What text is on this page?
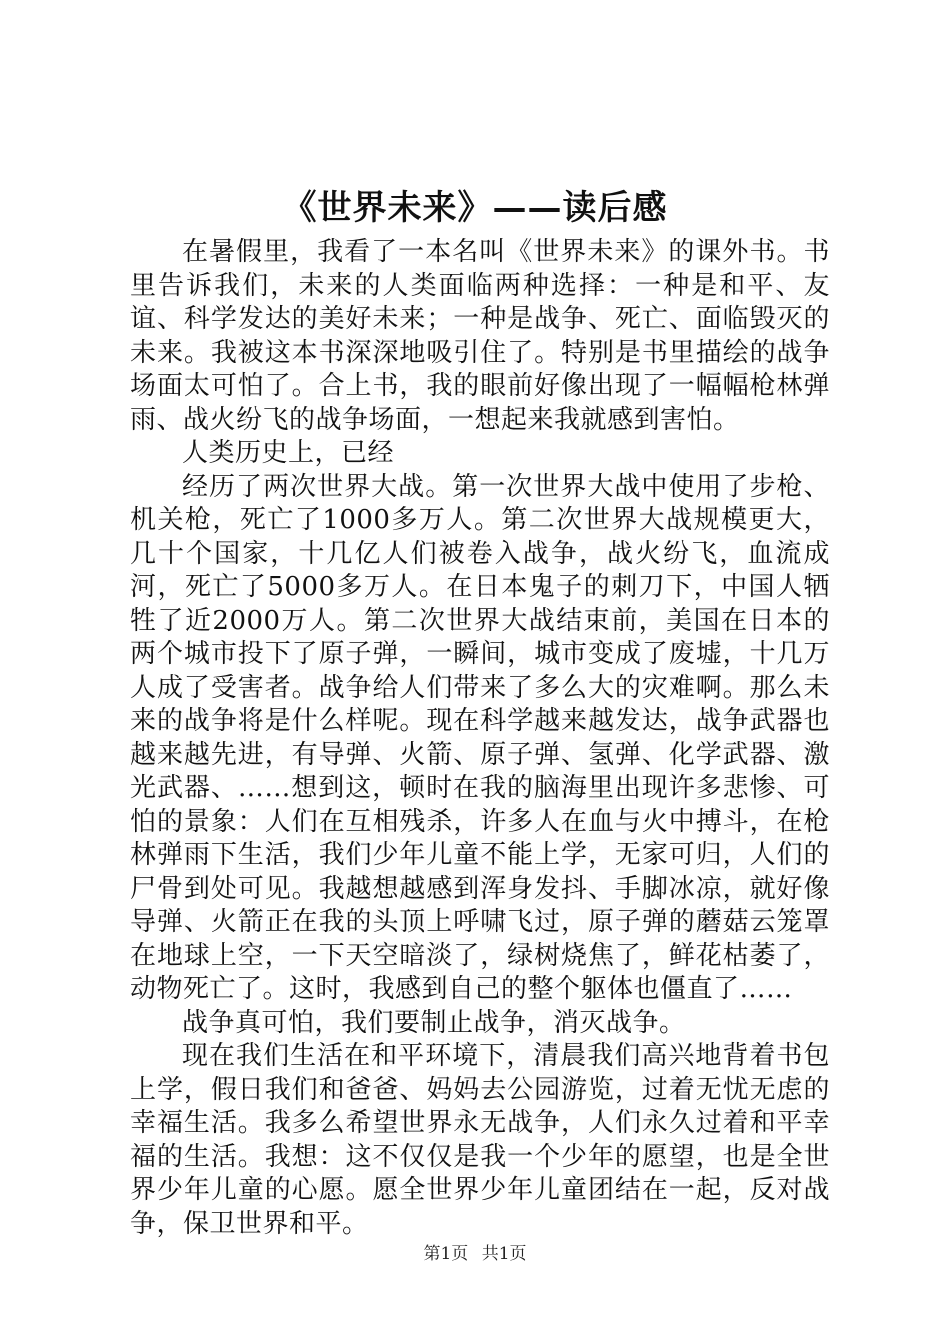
《世界未来》——读后感

在暑假里，我看了一本名叫《世界未来》的课外书。书里告诉我们，未来的人类面临两种选择：一种是和平、友谊、科学发达的美好未来；一种是战争、死亡、面临毁灭的未来。我被这本书深深地吸引住了。特别是书里描绘的战争场面太可怕了。合上书，我的眼前好像出现了一幅幅枪林弹雨、战火纷飞的战争场面，一想起来我就感到害怕。

人类历史上，已经

经历了两次世界大战。第一次世界大战中使用了步枪、机关枪，死亡了1000多万人。第二次世界大战规模更大，几十个国家，十几亿人们被卷入战争，战火纷飞，血流成河，死亡了5000多万人。在日本鬼子的刺刀下，中国人牺牲了近2000万人。第二次世界大战结束前，美国在日本的两个城市投下了原子弹，一瞬间，城市变成了废墟，十几万人成了受害者。战争给人们带来了多么大的灾难啊。那么未来的战争将是什么样呢。现在科学越来越发达，战争武器也越来越先进，有导弹、火箭、原子弹、氢弹、化学武器、激光武器、……想到这，顿时在我的脑海里出现许多悲惨、可怕的景象：人们在互相残杀，许多人在血与火中搏斗，在枪林弹雨下生活，我们少年儿童不能上学，无家可归，人们的尸骨到处可见。我越想越感到浑身发抖、手脚冰凉，就好像导弹、火箭正在我的头顶上呼啸飞过，原子弹的蘑菇云笼罩在地球上空，一下天空暗淡了，绿树烧焦了，鲜花枯萎了，动物死亡了。这时，我感到自己的整个躯体也僵直了……

战争真可怕，我们要制止战争，消灭战争。

现在我们生活在和平环境下，清晨我们高兴地背着书包上学，假日我们和爸爸、妈妈去公园游览，过着无忧无虑的幸福生活。我多么希望世界永无战争，人们永久过着和平幸福的生活。我想：这不仅仅是我一个少年的愿望，也是全世界少年儿童的心愿。愿全世界少年儿童团结在一起，反对战争，保卫世界和平。

第1页 共1页
